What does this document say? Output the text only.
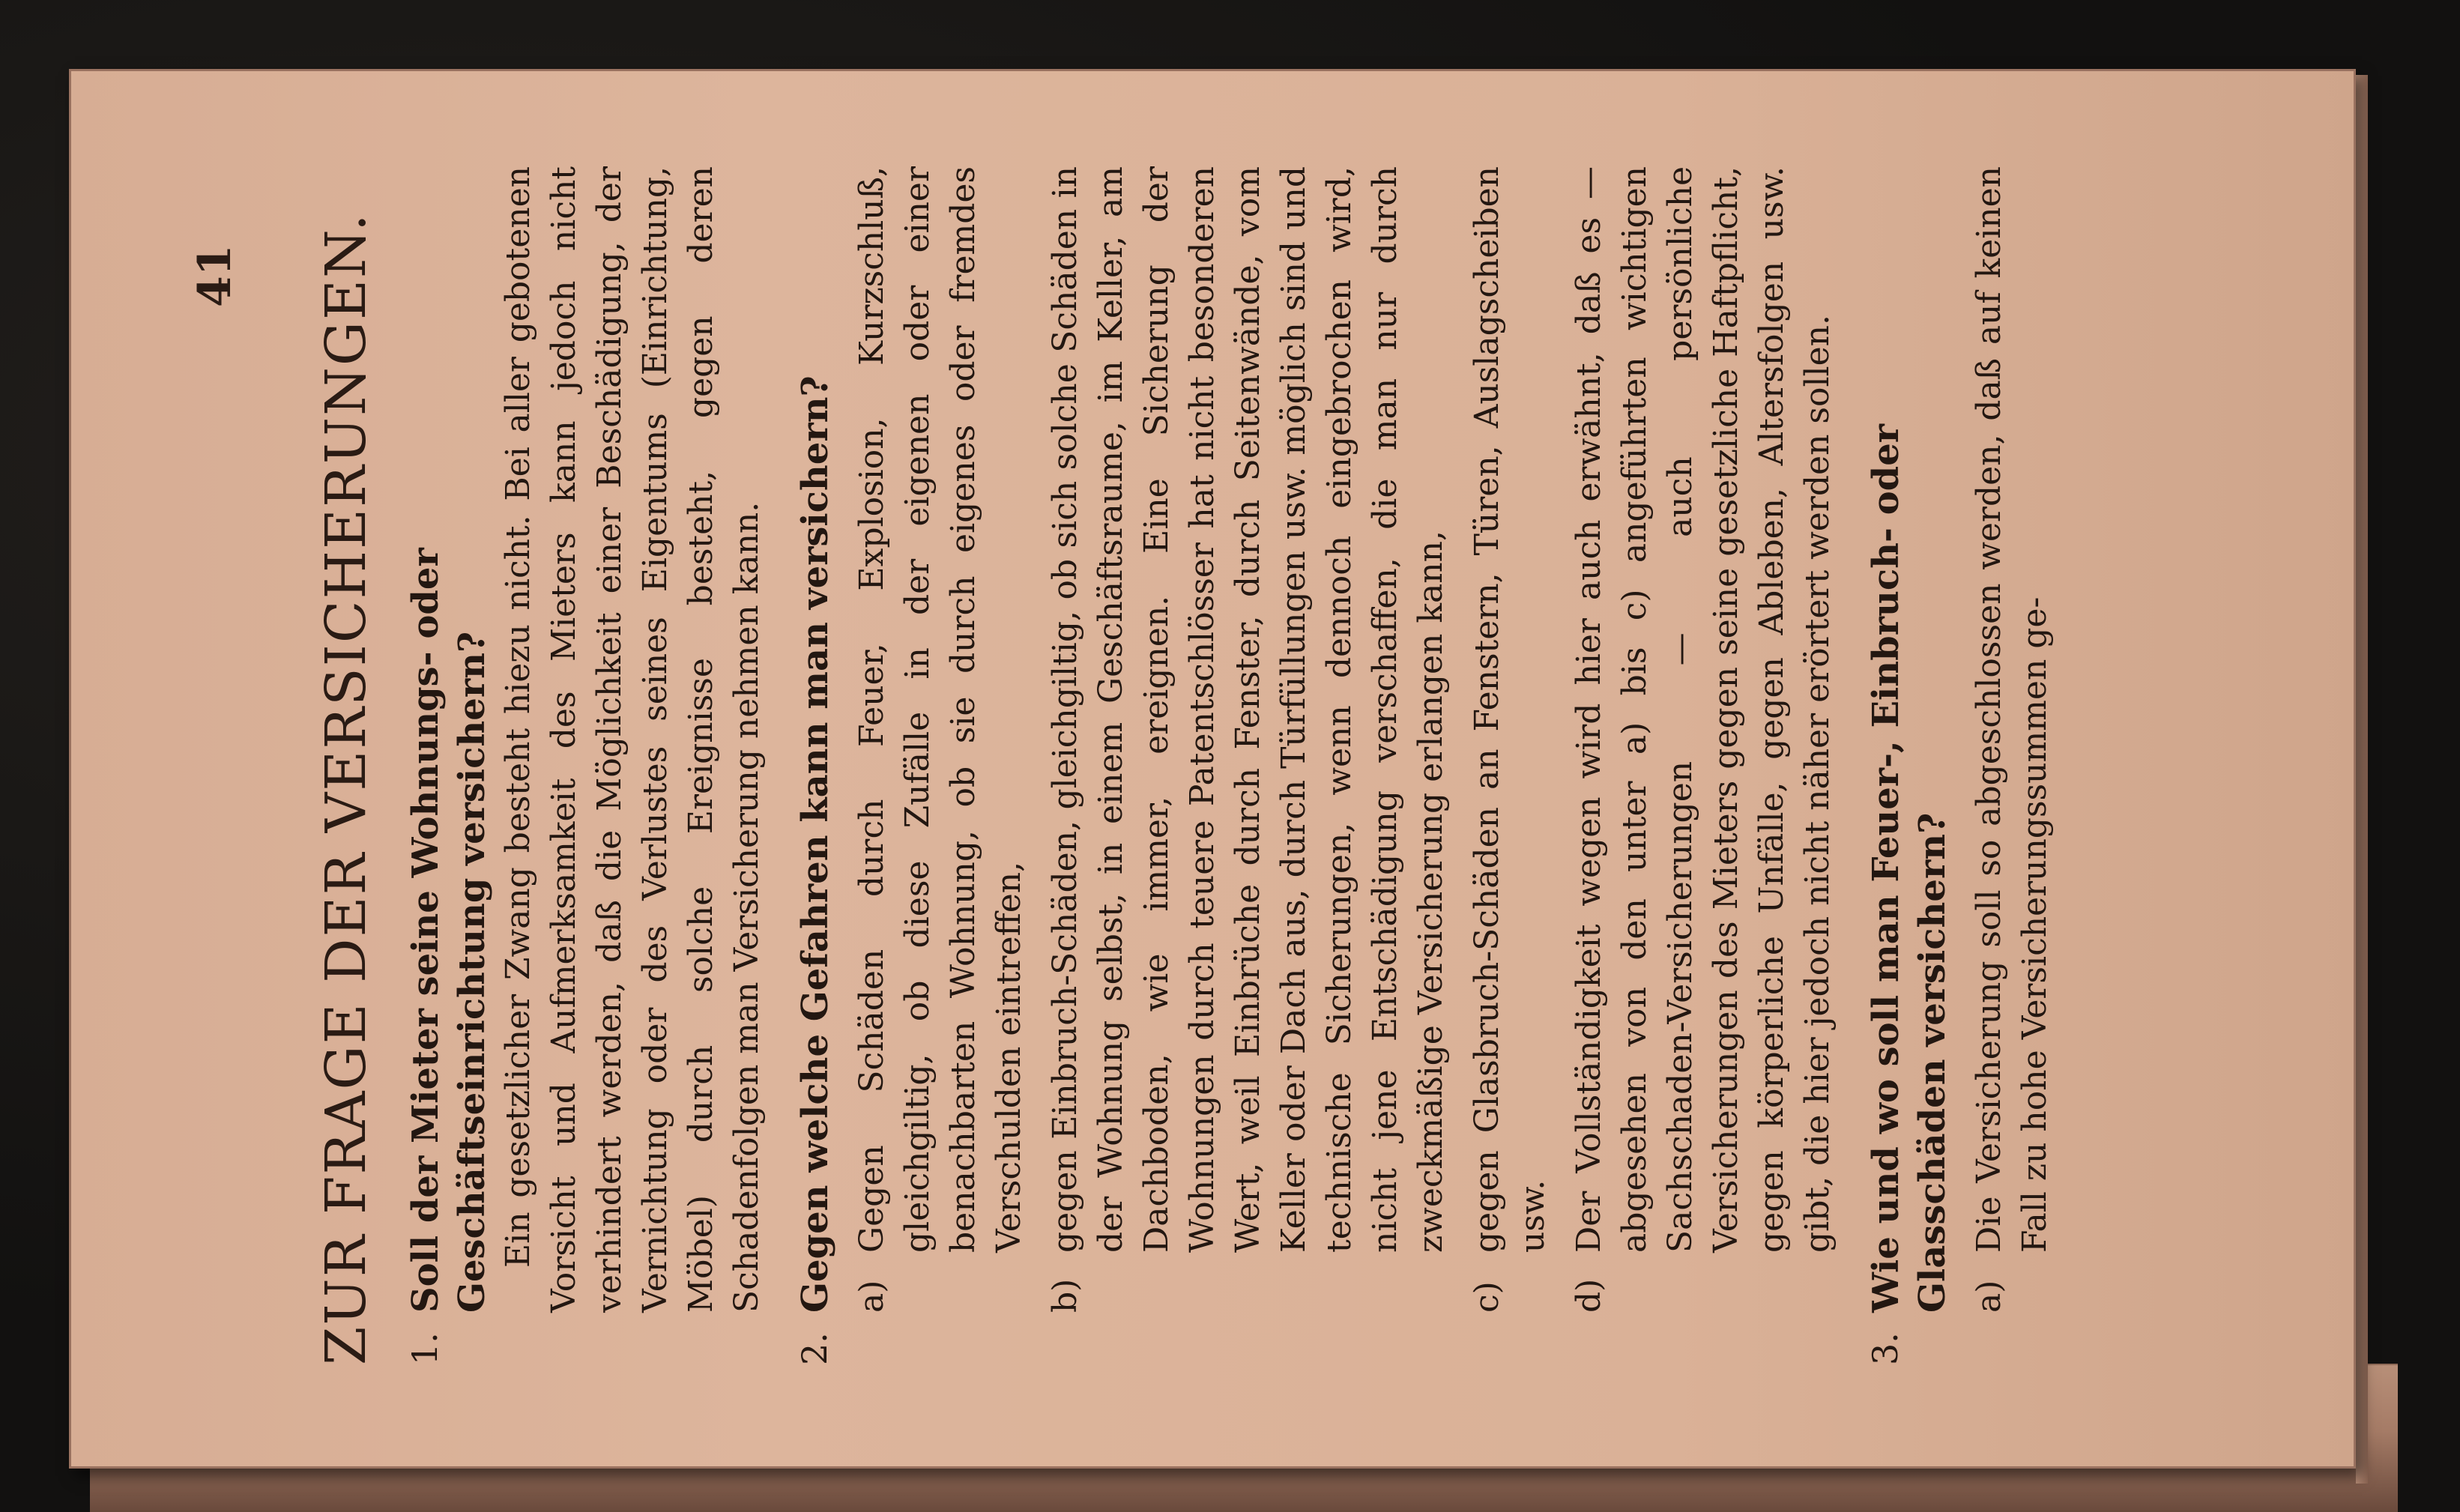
41 ZUR FRAGE DER VERSICHERUNGEN. 1.
Soll der Mieter seine Wohnungs- oder Geschäftseinrichtung versichern? Ein gesetzlicher Zwang besteht hiezu nicht. Bei aller gebotenen Vorsicht und Aufmerksamkeit des Mieters kann jedoch nicht verhindert werden, daß die Möglichkeit einer Beschädigung, der Vernichtung oder des Verlustes seines Eigentums (Einrichtung, Möbel) durch solche Ereignisse besteht, gegen deren Schadenfolgen man Versicherung nehmen kann.

2.
Gegen welche Gefahren kann man versichern? a)
Gegen Schäden durch Feuer, Explosion, Kurzschluß, gleichgiltig, ob diese Zufälle in der eigenen oder einer benachbarten Wohnung, ob sie durch eigenes oder fremdes Verschulden eintreffen,
b)
gegen Einbruch-Schäden, gleichgiltig, ob sich solche Schäden in der Wohnung selbst, in einem Geschäftsraume, im Keller, am Dachboden, wie immer, ereignen. Eine Sicherung der Wohnungen durch teuere Patentschlösser hat nicht besonderen Wert, weil Einbrüche durch Fenster, durch Seitenwände, vom Keller oder Dach aus, durch Türfüllungen usw. möglich sind und technische Sicherungen, wenn dennoch eingebrochen wird, nicht jene Entschädigung verschaffen, die man nur durch zweckmäßige Versicherung erlangen kann,
c)
gegen Glasbruch-Schäden an Fenstern, Türen, Auslagscheiben usw.
d)
Der Vollständigkeit wegen wird hier auch erwähnt, daß es — abgesehen von den unter a) bis c) angeführten wichtigen Sachschaden-Versicherungen — auch persönliche Versicherungen des Mieters gegen seine gesetzliche Haftpflicht, gegen körperliche Unfälle, gegen Ableben, Altersfolgen usw. gibt, die hier jedoch nicht näher erörtert werden sollen.
3.
Wie und wo soll man Feuer-, Einbruch- oder Glasschäden versichern? a)
Die Versicherung soll so abgeschlossen werden, daß auf keinen Fall zu hohe Versicherungssummen ge-
